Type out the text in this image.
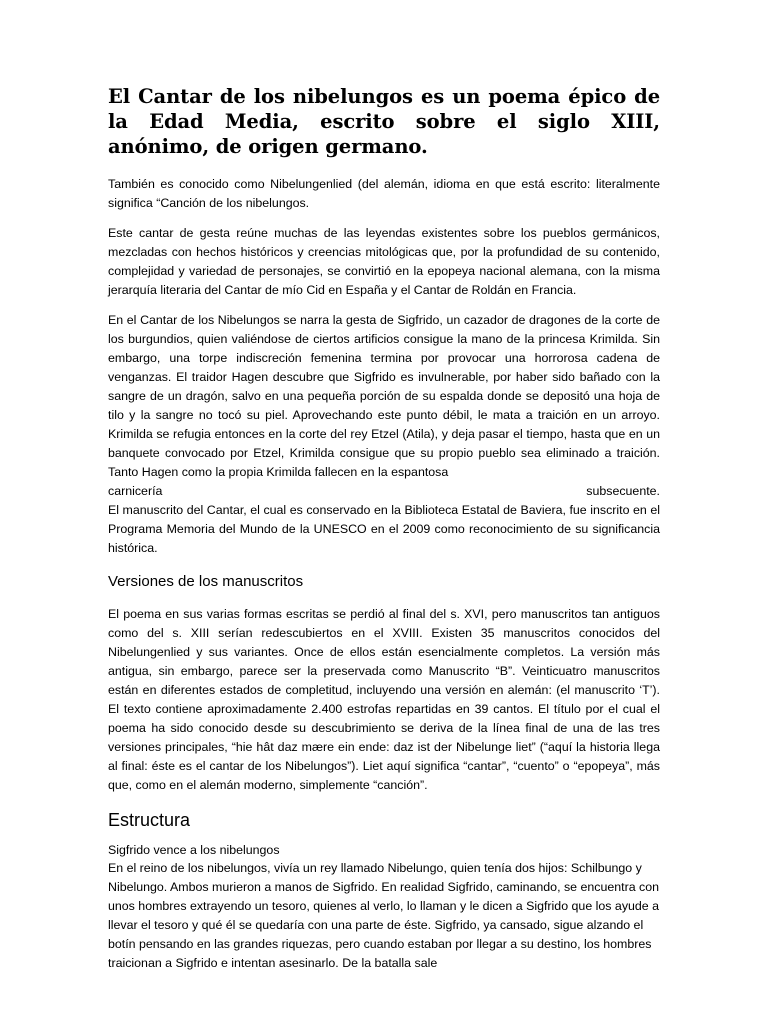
El Cantar de los nibelungos es un poema épico de la Edad Media, escrito sobre el siglo XIII, anónimo, de origen germano.

También es conocido como Nibelungenlied (del alemán, idioma en que está escrito: literalmente significa “Canción de los nibelungos.

Este cantar de gesta reúne muchas de las leyendas existentes sobre los pueblos germánicos, mezcladas con hechos históricos y creencias mitológicas que, por la profundidad de su contenido, complejidad y variedad de personajes, se convirtió en la epopeya nacional alemana, con la misma jerarquía literaria del Cantar de mío Cid en España y el Cantar de Roldán en Francia.

En el Cantar de los Nibelungos se narra la gesta de Sigfrido, un cazador de dragones de la corte de los burgundios, quien valiéndose de ciertos artificios consigue la mano de la princesa Krimilda. Sin embargo, una torpe indiscreción femenina termina por provocar una horrorosa cadena de venganzas. El traidor Hagen descubre que Sigfrido es invulnerable, por haber sido bañado con la sangre de un dragón, salvo en una pequeña porción de su espalda donde se depositó una hoja de tilo y la sangre no tocó su piel. Aprovechando este punto débil, le mata a traición en un arroyo. Krimilda se refugia entonces en la corte del rey Etzel (Atila), y deja pasar el tiempo, hasta que en un banquete convocado por Etzel, Krimilda consigue que su propio pueblo sea eliminado a traición. Tanto Hagen como la propia Krimilda fallecen en la espantosa

carnicería	subsecuente.

El manuscrito del Cantar, el cual es conservado en la Biblioteca Estatal de Baviera, fue inscrito en el Programa Memoria del Mundo de la UNESCO en el 2009 como reconocimiento de su significancia histórica.

Versiones de los manuscritos

El poema en sus varias formas escritas se perdió al final del s. XVI, pero manuscritos tan antiguos como del s. XIII serían redescubiertos en el XVIII. Existen 35 manuscritos conocidos del Nibelungenlied y sus variantes. Once de ellos están esencialmente completos. La versión más antigua, sin embargo, parece ser la preservada como Manuscrito “B”. Veinticuatro manuscritos están en diferentes estados de completitud, incluyendo una versión en alemán: (el manuscrito ‘T’). El texto contiene aproximadamente 2.400 estrofas repartidas en 39 cantos. El título por el cual el poema ha sido conocido desde su descubrimiento se deriva de la línea final de una de las tres versiones principales, “hie hât daz mære ein ende: daz ist der Nibelunge liet” (“aquí la historia llega al final: éste es el cantar de los Nibelungos”). Liet aquí significa “cantar”, “cuento” o “epopeya”, más que, como en el alemán moderno, simplemente “canción”.

Estructura
Sigfrido vence a los nibelungos

En el reino de los nibelungos, vivía un rey llamado Nibelungo, quien tenía dos hijos: Schilbungo y Nibelungo. Ambos murieron a manos de Sigfrido. En realidad Sigfrido, caminando, se encuentra con unos hombres extrayendo un tesoro, quienes al verlo, lo llaman y le dicen a Sigfrido que los ayude a llevar el tesoro y qué él se quedaría con una parte de éste. Sigfrido, ya cansado, sigue alzando el botín pensando en las grandes riquezas, pero cuando estaban por llegar a su destino, los hombres traicionan a Sigfrido e intentan asesinarlo. De la batalla sale
